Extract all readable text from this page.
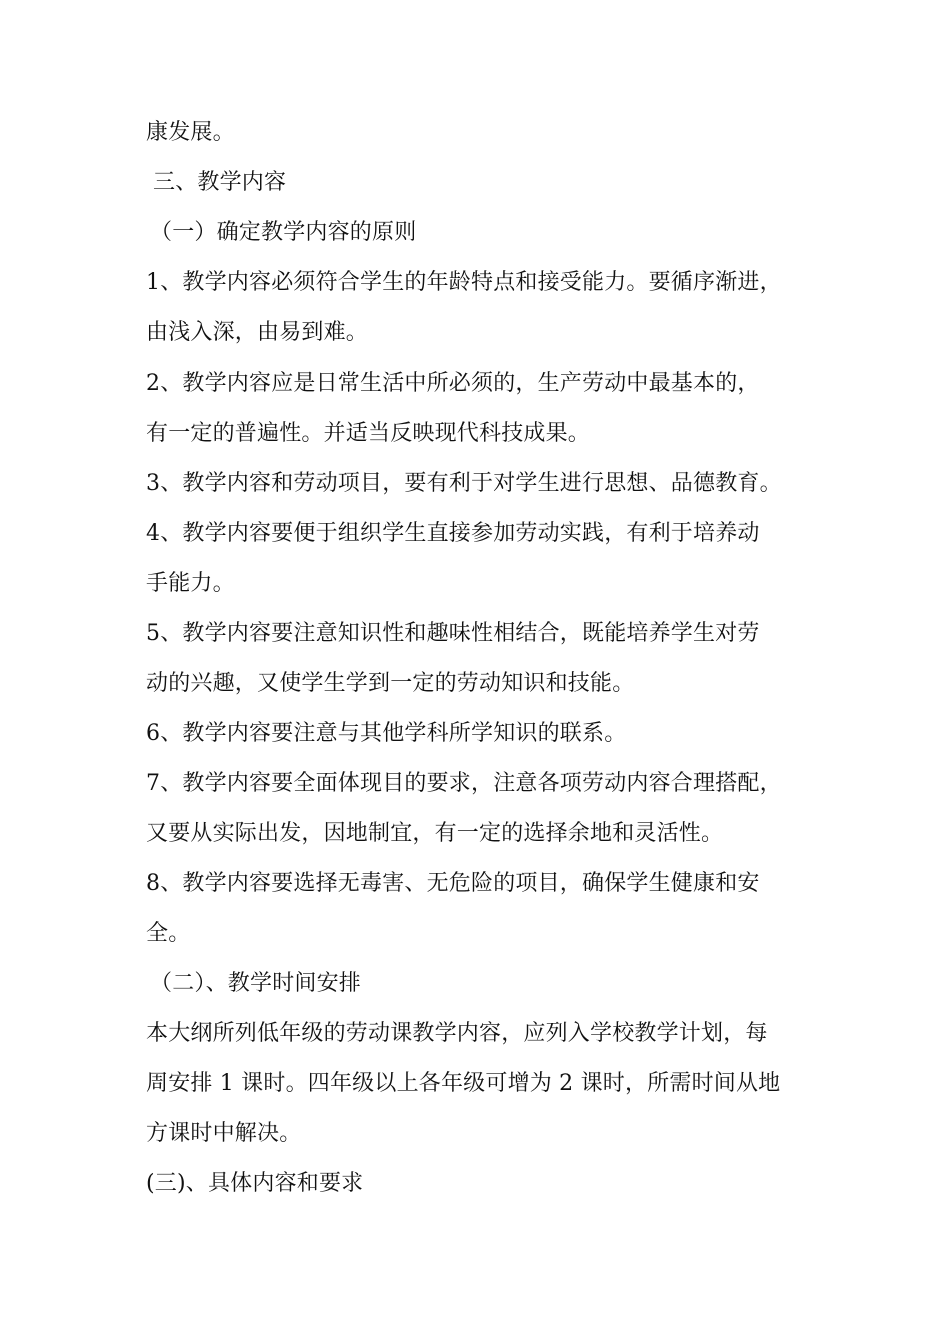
康发展。
三、教学内容
（一）确定教学内容的原则
1、教学内容必须符合学生的年龄特点和接受能力。要循序渐进，
由浅入深，由易到难。
2、教学内容应是日常生活中所必须的，生产劳动中最基本的，
有一定的普遍性。并适当反映现代科技成果。
3、教学内容和劳动项目，要有利于对学生进行思想、品德教育。
4、教学内容要便于组织学生直接参加劳动实践，有利于培养动
手能力。
5、教学内容要注意知识性和趣味性相结合，既能培养学生对劳
动的兴趣，又使学生学到一定的劳动知识和技能。
6、教学内容要注意与其他学科所学知识的联系。
7、教学内容要全面体现目的要求，注意各项劳动内容合理搭配，
又要从实际出发，因地制宜，有一定的选择余地和灵活性。
8、教学内容要选择无毒害、无危险的项目，确保学生健康和安
全。
（二）、教学时间安排
本大纲所列低年级的劳动课教学内容，应列入学校教学计划，每
周安排 1 课时。四年级以上各年级可增为 2 课时，所需时间从地
方课时中解决。
(三)、具体内容和要求
